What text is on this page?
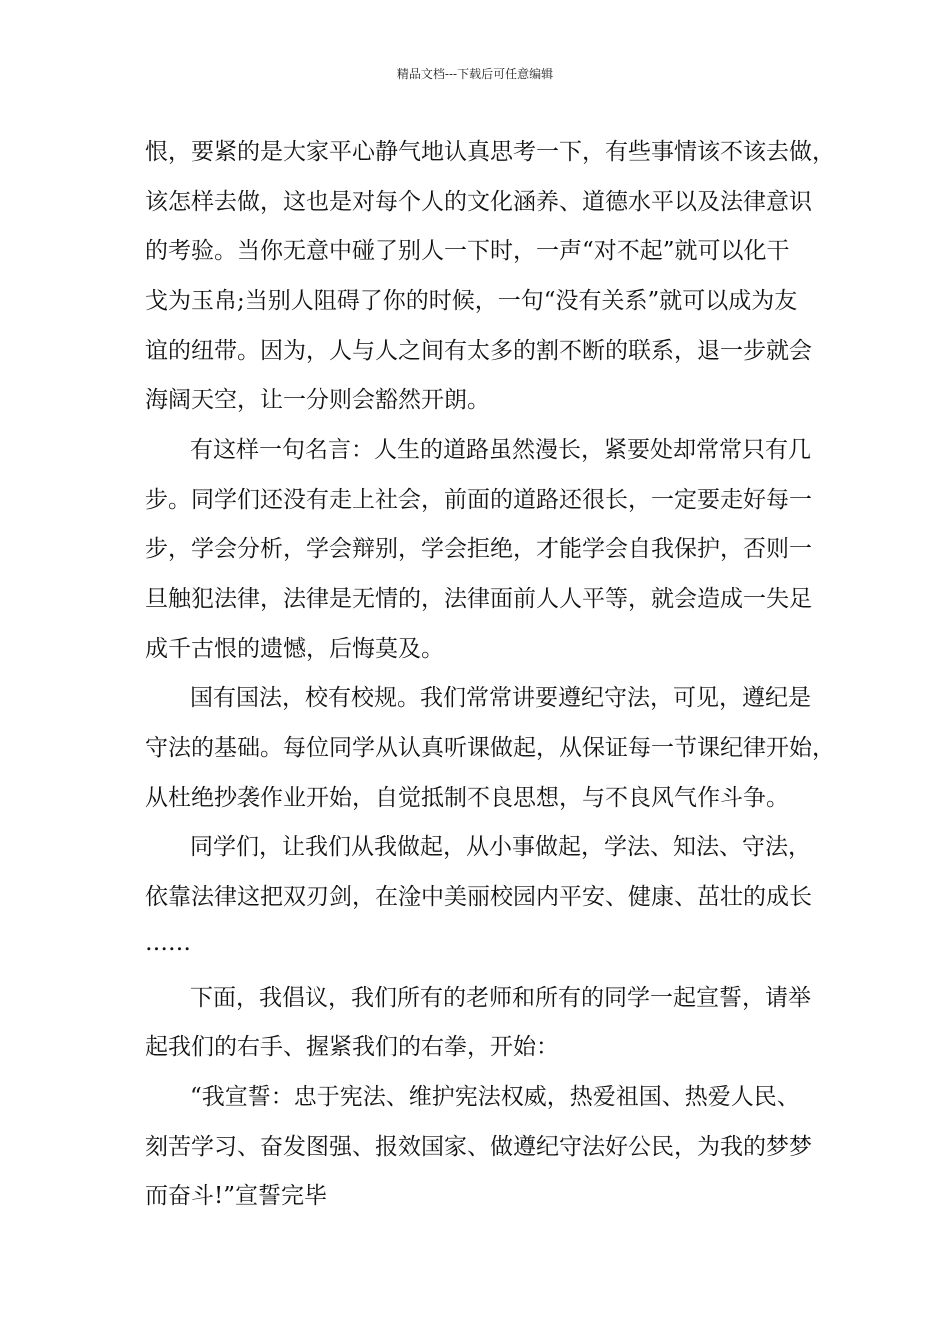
精品文档---下载后可任意编辑
恨，要紧的是大家平心静气地认真思考一下，有些事情该不该去做，
该怎样去做，这也是对每个人的文化涵养、道德水平以及法律意识
的考验。当你无意中碰了别人一下时，一声“对不起”就可以化干
戈为玉帛;当别人阻碍了你的时候，一句“没有关系”就可以成为友
谊的纽带。因为，人与人之间有太多的割不断的联系，退一步就会
海阔天空，让一分则会豁然开朗。
有这样一句名言：人生的道路虽然漫长，紧要处却常常只有几
步。同学们还没有走上社会，前面的道路还很长，一定要走好每一
步，学会分析，学会辩别，学会拒绝，才能学会自我保护，否则一
旦触犯法律，法律是无情的，法律面前人人平等，就会造成一失足
成千古恨的遗憾，后悔莫及。
国有国法，校有校规。我们常常讲要遵纪守法，可见，遵纪是
守法的基础。每位同学从认真听课做起，从保证每一节课纪律开始，
从杜绝抄袭作业开始，自觉抵制不良思想，与不良风气作斗争。
同学们，让我们从我做起，从小事做起，学法、知法、守法，
依靠法律这把双刃剑，在淦中美丽校园内平安、健康、茁壮的成长
……
下面，我倡议，我们所有的老师和所有的同学一起宣誓，请举
起我们的右手、握紧我们的右拳，开始：
“我宣誓：忠于宪法、维护宪法权威，热爱祖国、热爱人民、
刻苦学习、奋发图强、报效国家、做遵纪守法好公民，为我的梦梦
而奋斗!”宣誓完毕
